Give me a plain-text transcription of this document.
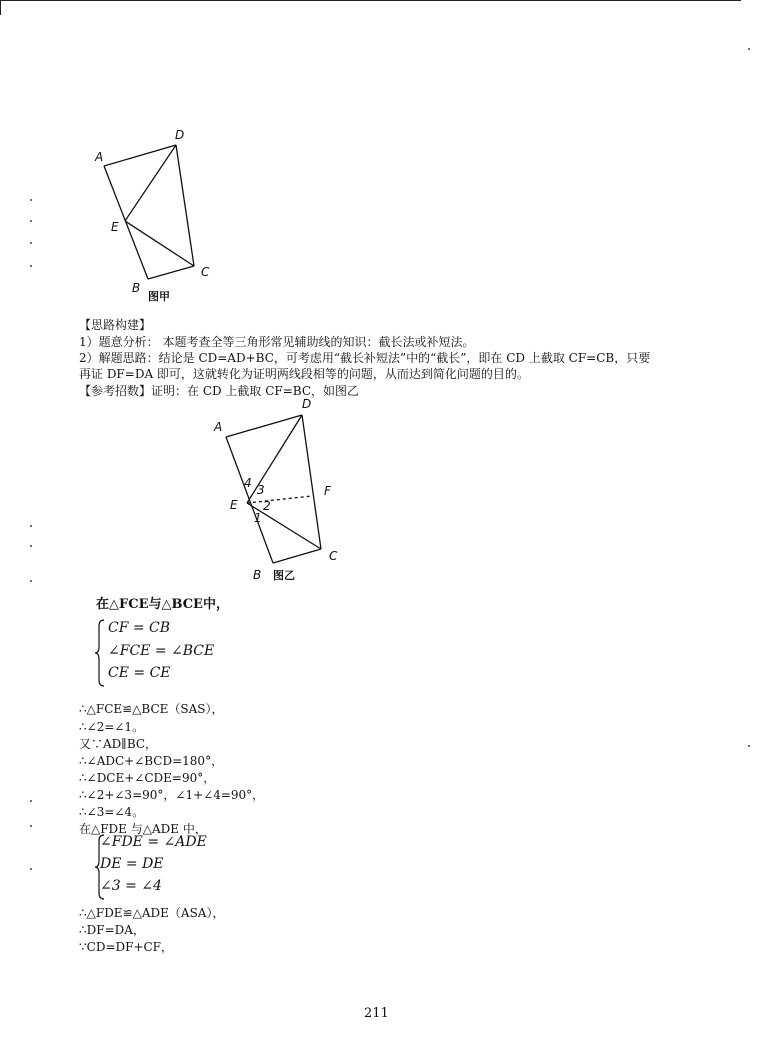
A
D
E
C
B
图甲
【思路构建】
1）题意分析： 本题考查全等三角形常见辅助线的知识：截长法或补短法。
2）解题思路：结论是 CD=AD+BC，可考虑用“截长补短法”中的“截长”，即在 CD 上截取 CF=CB，只要
再证 DF=DA 即可，这就转化为证明两线段相等的问题，从而达到简化问题的目的。
【参考招数】证明：在 CD 上截取 CF=BC，如图乙
A
D
E
F
C
B 图乙
4 3
2
1
在△FCE与△BCE中，
CF = CB
∠FCE = ∠BCE
CE = CE
∴△FCE≌△BCE（SAS），
∴∠2=∠1。
又∵AD∥BC，
∴∠ADC+∠BCD=180°，
∴∠DCE+∠CDE=90°，
∴∠2+∠3=90°，∠1+∠4=90°，
∴∠3=∠4。
在△FDE 与△ADE 中，
∠FDE = ∠ADE
DE = DE
∠3 = ∠4
∴△FDE≌△ADE（ASA），
∴DF=DA，
∵CD=DF+CF，
211
